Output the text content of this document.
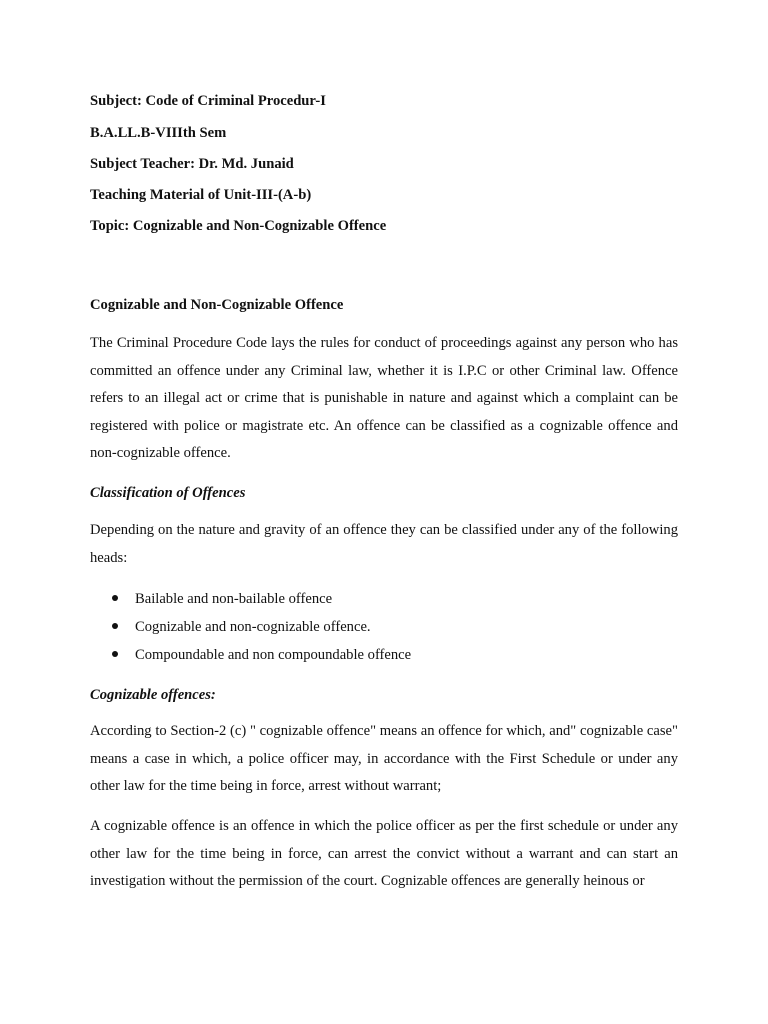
Subject: Code of Criminal Procedur-I
B.A.LL.B-VIIIth Sem
Subject Teacher: Dr. Md. Junaid
Teaching Material of Unit-III-(A-b)
Topic: Cognizable and Non-Cognizable Offence
Cognizable and Non-Cognizable Offence

The Criminal Procedure Code lays the rules for conduct of proceedings against any person who has committed an offence under any Criminal law, whether it is I.P.C or other Criminal law. Offence refers to an illegal act or crime that is punishable in nature and against which a complaint can be registered with police or magistrate etc. An offence can be classified as a cognizable offence and non-cognizable offence.

Classification of Offences

Depending on the nature and gravity of an offence they can be classified under any of the following heads:

Bailable and non-bailable offence
Cognizable and non-cognizable offence.
Compoundable and non compoundable offence
Cognizable offences:

According to Section-2 (c) " cognizable offence" means an offence for which, and" cognizable case" means a case in which, a police officer may, in accordance with the First Schedule or under any other law for the time being in force, arrest without warrant;

A cognizable offence is an offence in which the police officer as per the first schedule or under any other law for the time being in force, can arrest the convict without a warrant and can start an investigation without the permission of the court. Cognizable offences are generally heinous or
